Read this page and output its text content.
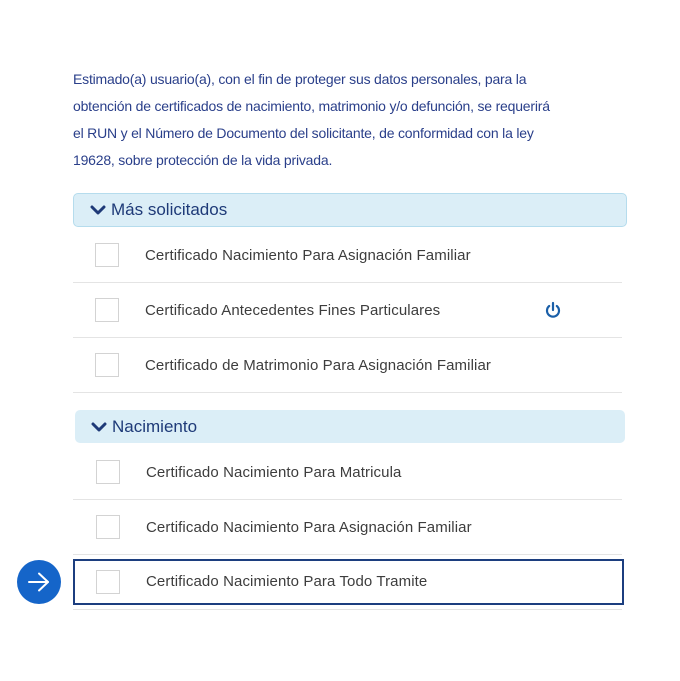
Estimado(a) usuario(a), con el fin de proteger sus datos personales, para la
obtención de certificados de nacimiento, matrimonio y/o defunción, se requerirá
el RUN y el Número de Documento del solicitante, de conformidad con la ley
19628, sobre protección de la vida privada.
Más solicitados
Certificado Nacimiento Para Asignación Familiar
Certificado Antecedentes Fines Particulares
Certificado de Matrimonio Para Asignación Familiar
Nacimiento
Certificado Nacimiento Para Matricula
Certificado Nacimiento Para Asignación Familiar
Certificado Nacimiento Para Todo Tramite
